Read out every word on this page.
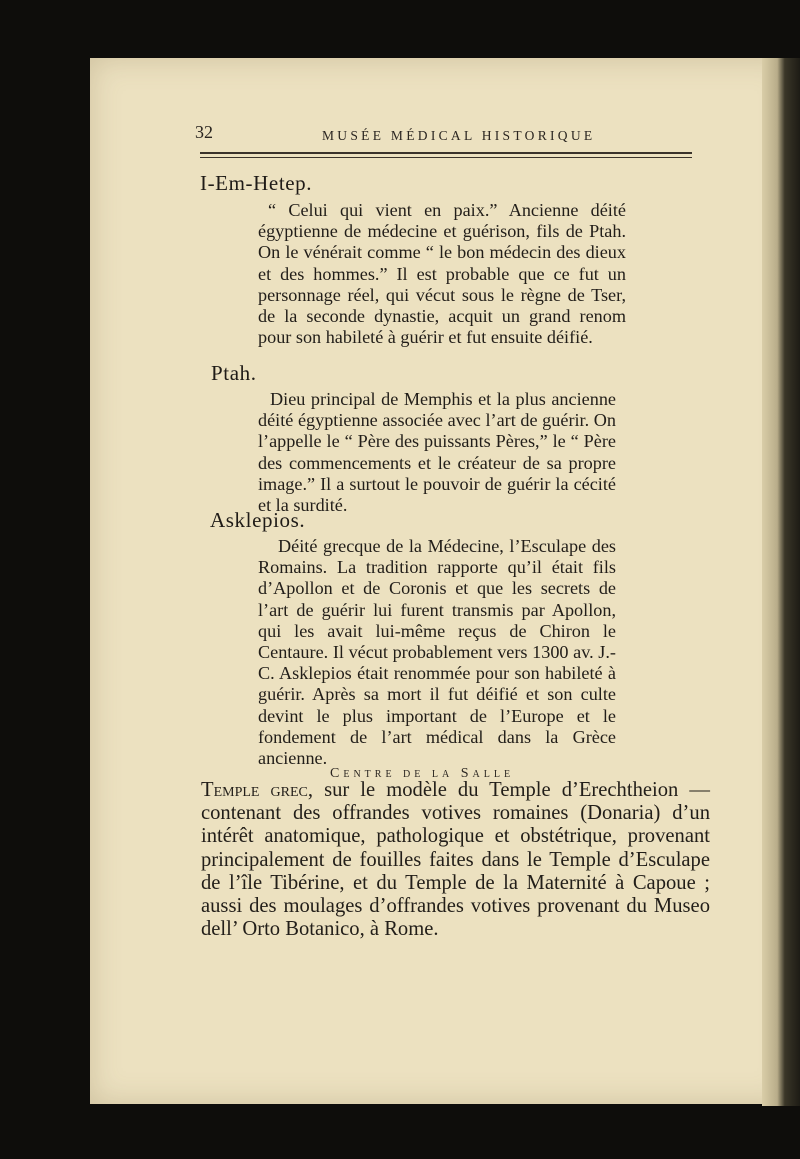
32	MUSÉE MÉDICAL HISTORIQUE

I-Em-Hetep.

“ Celui qui vient en paix.” Ancienne déité égyptienne de médecine et guérison, fils de Ptah. On le vénérait comme “ le bon médecin des dieux et des hommes.” Il est probable que ce fut un personnage réel, qui vécut sous le règne de Tser, de la seconde dynastie, acquit un grand renom pour son habileté à guérir et fut ensuite déifié.

Ptah.

Dieu principal de Memphis et la plus ancienne déité égyptienne associée avec l’art de guérir. On l’appelle le “ Père des puissants Pères,” le “ Père des commencements et le créateur de sa propre image.” Il a surtout le pouvoir de guérir la cécité et la surdité.

Asklepios.

Déité grecque de la Médecine, l’Esculape des Romains. La tradition rapporte qu’il était fils d’Apollon et de Coronis et que les secrets de l’art de guérir lui furent transmis par Apollon, qui les avait lui-même reçus de Chiron le Centaure. Il vécut probablement vers 1300 av. J.-C. Asklepios était renommée pour son habileté à guérir. Après sa mort il fut déifié et son culte devint le plus important de l’Europe et le fondement de l’art médical dans la Grèce ancienne.

Centre de la Salle

Temple grec, sur le modèle du Temple d’Erechtheion — contenant des offrandes votives romaines (Donaria) d’un intérêt anatomique, pathologique et obstétrique, provenant principalement de fouilles faites dans le Temple d’Esculape de l’île Tibérine, et du Temple de la Maternité à Capoue ; aussi des moulages d’offrandes votives provenant du Museo dell’ Orto Botanico, à Rome.
